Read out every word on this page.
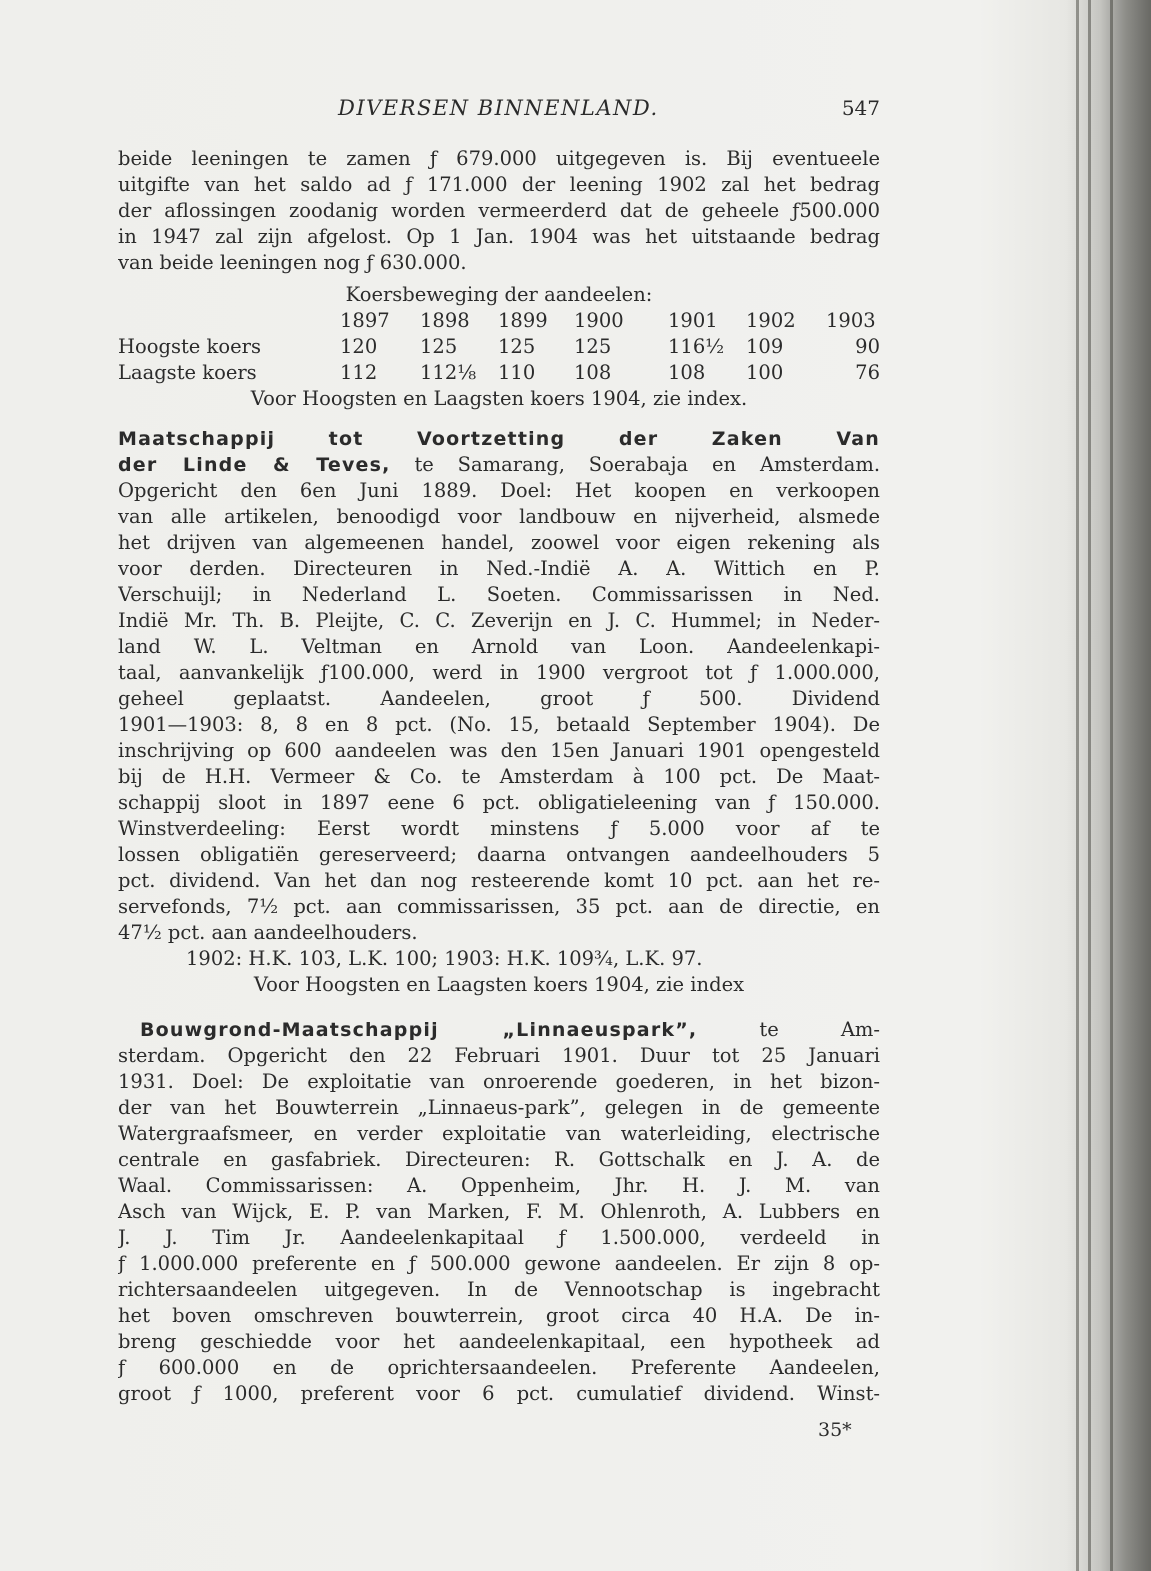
DIVERSEN BINNENLAND.	547
beide leeningen te zamen ƒ 679.000 uitgegeven is. Bij eventueele
uitgifte van het saldo ad ƒ 171.000 der leening 1902 zal het bedrag
der aflossingen zoodanig worden vermeerderd dat de geheele ƒ500.000
in 1947 zal zijn afgelost. Op 1 Jan. 1904 was het uitstaande bedrag
van beide leeningen nog ƒ 630.000.
Koersbeweging der aandeelen:
	1897	1898	1899	1900	1901	1902	1903
Hoogste koers	120	125	125	125	116½	109	90
Laagste koers	112	112⅛	110	108	108	100	76
Voor Hoogsten en Laagsten koers 1904, zie index.
Maatschappij tot Voortzetting der Zaken Van
der Linde & Teves, te Samarang, Soerabaja en Amsterdam.
Opgericht den 6en Juni 1889. Doel: Het koopen en verkoopen
van alle artikelen, benoodigd voor landbouw en nijverheid, alsmede
het drijven van algemeenen handel, zoowel voor eigen rekening als
voor derden. Directeuren in Ned.-Indië A. A. Wittich en P.
Verschuijl; in Nederland L. Soeten. Commissarissen in Ned.
Indië Mr. Th. B. Pleijte, C. C. Zeverijn en J. C. Hummel; in Neder-
land W. L. Veltman en Arnold van Loon. Aandeelenkapi-
taal, aanvankelijk ƒ100.000, werd in 1900 vergroot tot ƒ 1.000.000,
geheel geplaatst. Aandeelen, groot ƒ 500. Dividend
1901—1903: 8, 8 en 8 pct. (No. 15, betaald September 1904). De
inschrijving op 600 aandeelen was den 15en Januari 1901 opengesteld
bij de H.H. Vermeer & Co. te Amsterdam à 100 pct. De Maat-
schappij sloot in 1897 eene 6 pct. obligatieleening van ƒ 150.000.
Winstverdeeling: Eerst wordt minstens ƒ 5.000 voor af te
lossen obligatiën gereserveerd; daarna ontvangen aandeelhouders 5
pct. dividend. Van het dan nog resteerende komt 10 pct. aan het re-
servefonds, 7½ pct. aan commissarissen, 35 pct. aan de directie, en
47½ pct. aan aandeelhouders.
1902: H.K. 103, L.K. 100; 1903: H.K. 109¾, L.K. 97.
Voor Hoogsten en Laagsten koers 1904, zie index
Bouwgrond-Maatschappij „Linnaeuspark”,	te Am-
sterdam. Opgericht den 22 Februari 1901. Duur tot 25 Januari
1931. Doel: De exploitatie van onroerende goederen, in het bizon-
der van het Bouwterrein „Linnaeus-park”, gelegen in de gemeente
Watergraafsmeer, en verder exploitatie van waterleiding, electrische
centrale en gasfabriek. Directeuren: R. Gottschalk en J. A. de
Waal. Commissarissen: A. Oppenheim, Jhr. H. J. M. van
Asch van Wijck, E. P. van Marken, F. M. Ohlenroth, A. Lubbers en
J. J. Tim Jr. Aandeelenkapitaal ƒ 1.500.000, verdeeld in
ƒ 1.000.000 preferente en ƒ 500.000 gewone aandeelen. Er zijn 8 op-
richtersaandeelen uitgegeven. In de Vennootschap is ingebracht
het boven omschreven bouwterrein, groot circa 40 H.A. De in-
breng geschiedde voor het aandeelenkapitaal, een hypotheek ad
ƒ 600.000 en de oprichtersaandeelen. Preferente Aandeelen,
groot ƒ 1000, preferent voor 6 pct. cumulatief dividend. Winst-
35*
